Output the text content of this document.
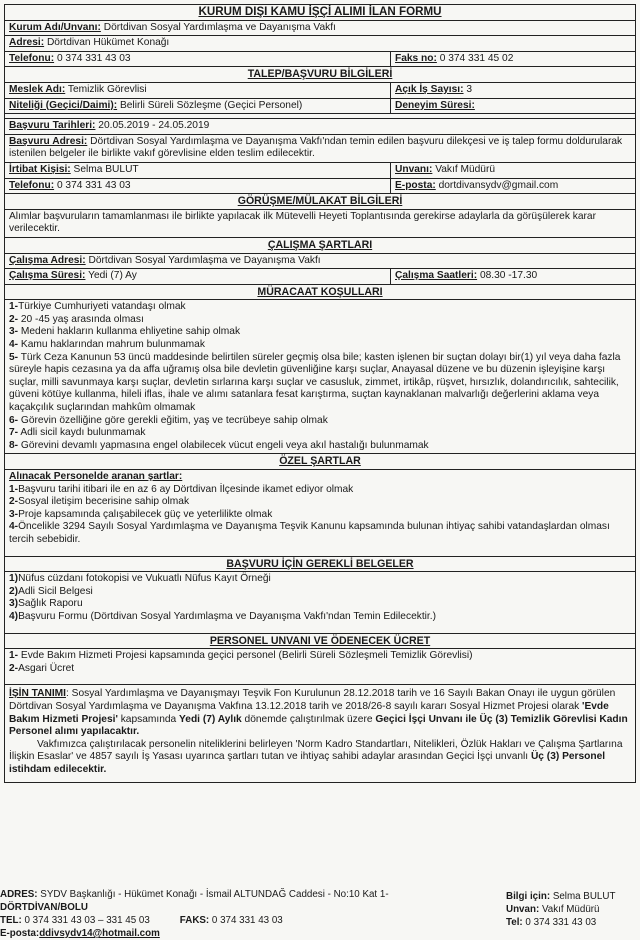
KURUM DIŞI KAMU İŞÇİ ALIMI İLAN FORMU
Kurum Adı/Unvanı: Dörtdivan Sosyal Yardımlaşma ve Dayanışma Vakfı
Adresi: Dörtdivan Hükümet Konağı
Telefonu: 0 374 331 43 03	Faks no: 0 374 331 45 02
TALEP/BAŞVURU BİLGİLERİ
Meslek Adı: Temizlik Görevlisi	Açık İş Sayısı: 3
Niteliği (Geçici/Daimi): Belirli Süreli Sözleşme (Geçici Personel)	Deneyim Süresi:
Başvuru Tarihleri: 20.05.2019 - 24.05.2019
Başvuru Adresi: Dörtdivan Sosyal Yardımlaşma ve Dayanışma Vakfı'ndan temin edilen başvuru dilekçesi ve iş talep formu doldurularak istenilen belgeler ile birlikte vakıf görevlisine elden teslim edilecektir.
İrtibat Kişisi: Selma BULUT	Unvanı: Vakıf Müdürü
Telefonu: 0 374 331 43 03	E-posta: dortdivansydv@gmail.com
GÖRÜŞME/MÜLAKAT BİLGİLERİ
Alımlar başvuruların tamamlanması ile birlikte yapılacak ilk Mütevelli Heyeti Toplantısında gerekirse adaylarla da görüşülerek karar verilecektir.
ÇALIŞMA ŞARTLARI
Çalışma Adresi: Dörtdivan Sosyal Yardımlaşma ve Dayanışma Vakfı
Çalışma Süresi: Yedi (7) Ay	Çalışma Saatleri: 08.30 -17.30
MÜRACAAT KOŞULLARI
1-Türkiye Cumhuriyeti vatandaşı olmak
2- 20 -45 yaş arasında olması
3- Medeni hakların kullanma ehliyetine sahip olmak
4- Kamu haklarından mahrum bulunmamak
5- Türk Ceza Kanunun 53 üncü maddesinde belirtilen süreler geçmiş olsa bile; kasten işlenen bir suçtan dolayı bir(1) yıl veya daha fazla süreyle hapis cezasına ya da affa uğramış olsa bile devletin güvenliğine karşı suçlar, Anayasal düzene ve bu düzenin işleyişine karşı suçlar, milli savunmaya karşı suçlar, devletin sırlarına karşı suçlar ve casusluk, zimmet, irtikâp, rüşvet, hırsızlık, dolandırıcılık, sahtecilik, güveni kötüye kullanma, hileli iflas, ihale ve alımı satanlara fesat karıştırma, suçtan kaynaklanan malvarlığı değerlerini aklama veya kaçakçılık suçlarından mahkûm olmamak
6- Görevin özelliğine göre gerekli eğitim, yaş ve tecrübeye sahip olmak
7- Adli sicil kaydı bulunmamak
8- Görevini devamlı yapmasına engel olabilecek vücut engeli veya akıl hastalığı bulunmamak
ÖZEL ŞARTLAR
Alınacak Personelde aranan şartlar:
1-Başvuru tarihi itibari ile en az 6 ay Dörtdivan İlçesinde ikamet ediyor olmak
2-Sosyal iletişim becerisine sahip olmak
3-Proje kapsamında çalışabilecek güç ve yeterlilikte olmak
4-Öncelikle 3294 Sayılı Sosyal Yardımlaşma ve Dayanışma Teşvik Kanunu kapsamında bulunan ihtiyaç sahibi vatandaşlardan olması tercih sebebidir.
BAŞVURU İÇİN GEREKLİ BELGELER
1)Nüfus cüzdanı fotokopisi ve Vukuatlı Nüfus Kayıt Örneği
2)Adli Sicil Belgesi
3)Sağlık Raporu
4)Başvuru Formu (Dörtdivan Sosyal Yardımlaşma ve Dayanışma Vakfı'ndan Temin Edilecektir.)
PERSONEL UNVANI VE ÖDENECEK ÜCRET
1- Evde Bakım Hizmeti Projesi kapsamında geçici personel (Belirli Süreli Sözleşmeli Temizlik Görevlisi)
2-Asgari Ücret

İŞİN TANIMI: Sosyal Yardımlaşma ve Dayanışmayı Teşvik Fon Kurulunun 28.12.2018 tarih ve 16 Sayılı Bakan Onayı ile uygun görülen Dörtdivan Sosyal Yardımlaşma ve Dayanışma Vakfına 13.12.2018 tarih ve 2018/26-8 sayılı kararı Sosyal Hizmet Projesi olarak 'Evde Bakım Hizmeti Projesi' kapsamında Yedi (7) Aylık dönemde çalıştırılmak üzere Geçici İşçi Unvanı ile Üç (3) Temizlik Görevlisi Kadın Personel alımı yapılacaktır.

Vakfımızca çalıştırılacak personelin niteliklerini belirleyen 'Norm Kadro Standartları, Nitelikleri, Özlük Hakları ve Çalışma Şartlarına İlişkin Esaslar' ve 4857 sayılı İş Yasası uyarınca şartları tutan ve ihtiyaç sahibi adaylar arasından Geçici İşçi unvanlı Üç (3) Personel istihdam edilecektir.

ADRES: SYDV Başkanlığı - Hükümet Konağı - İsmail ALTUNDAĞ Caddesi - No:10 Kat 1- DÖRTDİVAN/BOLU
TEL: 0 374 331 43 03 – 331 45 03	FAKS: 0 374 331 43 03
E-posta:ddivsydv14@hotmail.com
Bilgi için: Selma BULUT
Unvan: Vakıf Müdürü
Tel: 0 374 331 43 03
